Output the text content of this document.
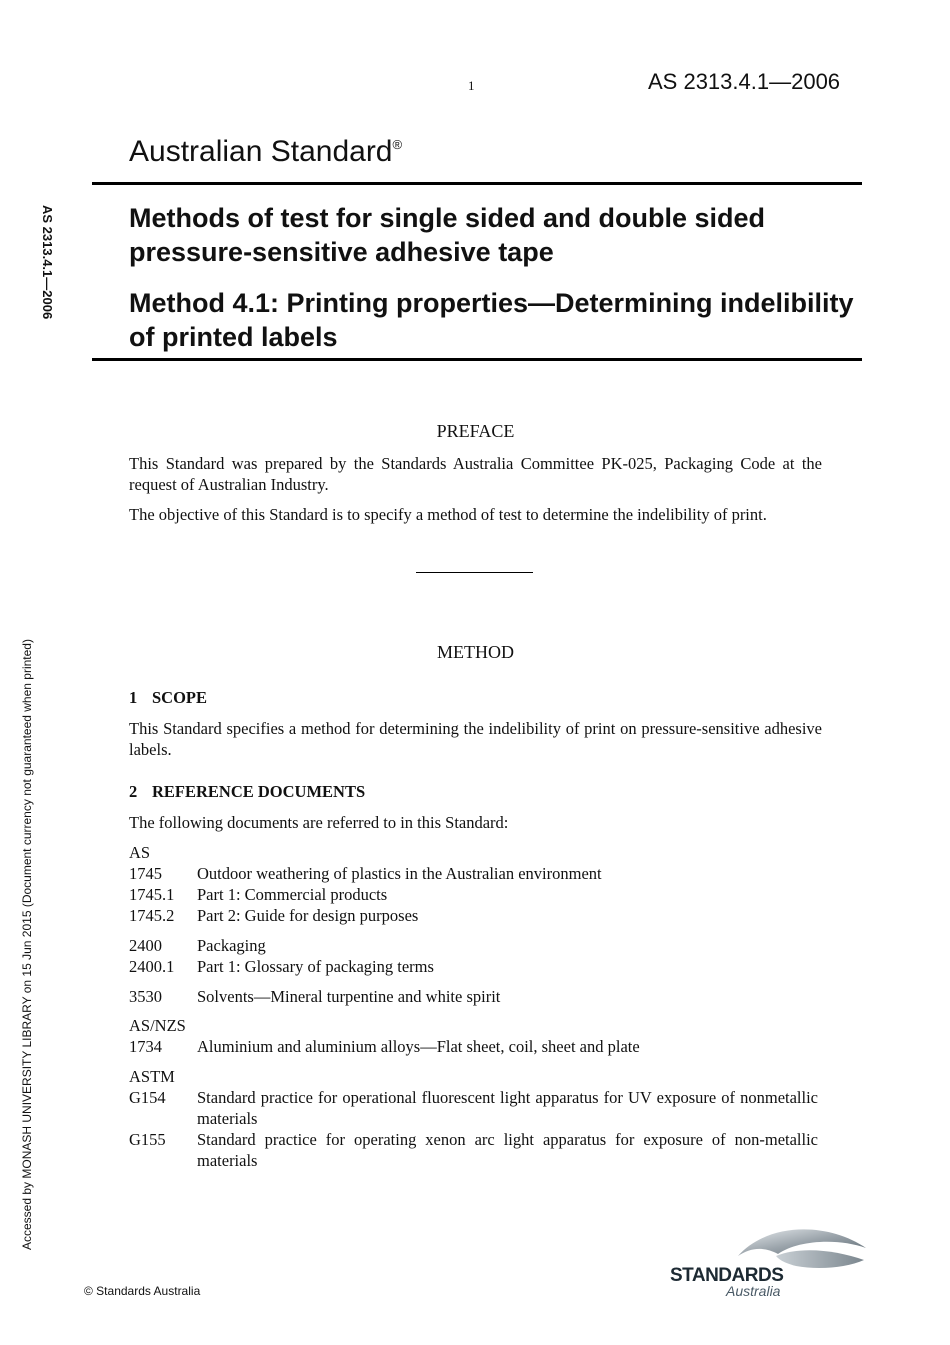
1	AS 2313.4.1—2006
Australian Standard®
Methods of test for single sided and double sided pressure-sensitive adhesive tape
Method 4.1: Printing properties—Determining indelibility of printed labels
AS 2313.4.1—2006
Accessed by MONASH UNIVERSITY LIBRARY on 15 Jun 2015 (Document currency not guaranteed when printed)
PREFACE
This Standard was prepared by the Standards Australia Committee PK-025, Packaging Code at the request of Australian Industry.
The objective of this Standard is to specify a method of test to determine the indelibility of print.
METHOD
1 SCOPE
This Standard specifies a method for determining the indelibility of print on pressure-sensitive adhesive labels.
2 REFERENCE DOCUMENTS
The following documents are referred to in this Standard:
AS
1745	Outdoor weathering of plastics in the Australian environment
1745.1	Part 1: Commercial products
1745.2	Part 2: Guide for design purposes
2400	Packaging
2400.1	Part 1: Glossary of packaging terms
3530	Solvents—Mineral turpentine and white spirit
AS/NZS
1734	Aluminium and aluminium alloys—Flat sheet, coil, sheet and plate
ASTM
G154	Standard practice for operational fluorescent light apparatus for UV exposure of nonmetallic materials
G155	Standard practice for operating xenon arc light apparatus for exposure of non-metallic materials
© Standards Australia
STANDARDS
Australia
